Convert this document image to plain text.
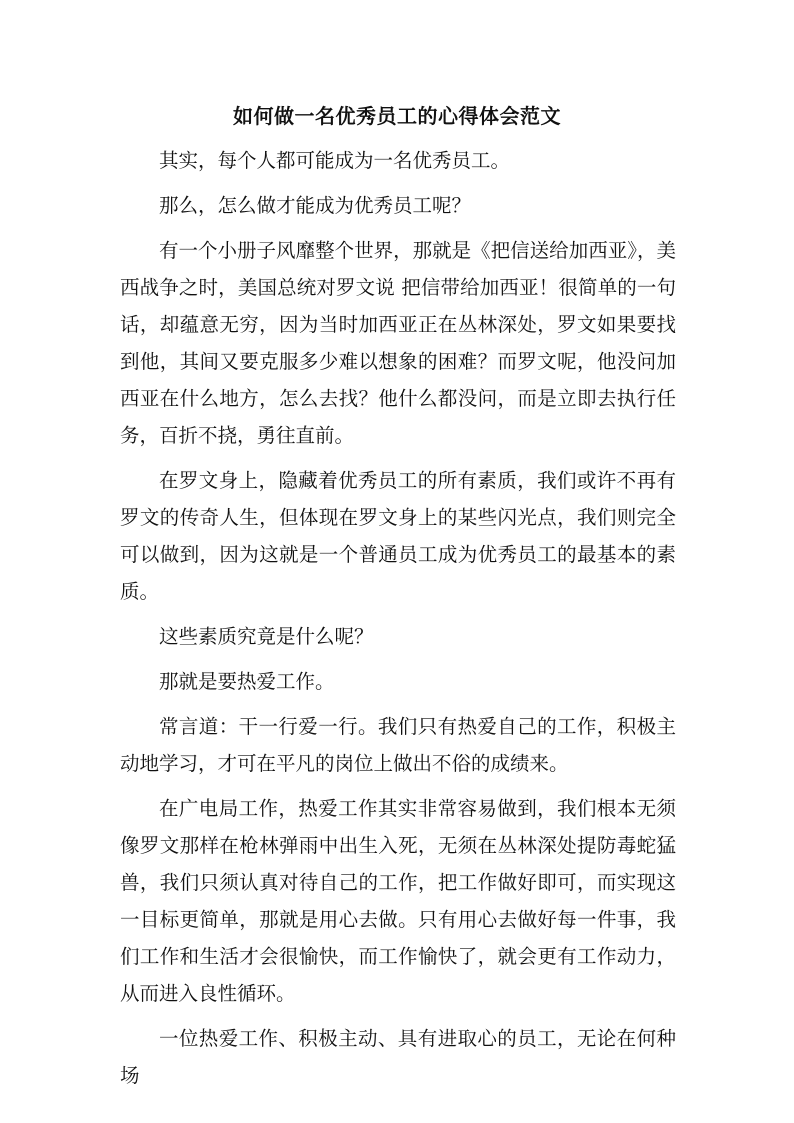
如何做一名优秀员工的心得体会范文

其实，每个人都可能成为一名优秀员工。

那么，怎么做才能成为优秀员工呢？

有一个小册子风靡整个世界，那就是《把信送给加西亚》，美西战争之时，美国总统对罗文说 把信带给加西亚！很简单的一句话，却蕴意无穷，因为当时加西亚正在丛林深处，罗文如果要找到他，其间又要克服多少难以想象的困难？而罗文呢，他没问加西亚在什么地方，怎么去找？他什么都没问，而是立即去执行任务，百折不挠，勇往直前。

在罗文身上，隐藏着优秀员工的所有素质，我们或许不再有罗文的传奇人生，但体现在罗文身上的某些闪光点，我们则完全可以做到，因为这就是一个普通员工成为优秀员工的最基本的素质。

这些素质究竟是什么呢？

那就是要热爱工作。

常言道：干一行爱一行。我们只有热爱自己的工作，积极主动地学习，才可在平凡的岗位上做出不俗的成绩来。

在广电局工作，热爱工作其实非常容易做到，我们根本无须像罗文那样在枪林弹雨中出生入死，无须在丛林深处提防毒蛇猛兽，我们只须认真对待自己的工作，把工作做好即可，而实现这一目标更简单，那就是用心去做。只有用心去做好每一件事，我们工作和生活才会很愉快，而工作愉快了，就会更有工作动力，从而进入良性循环。

一位热爱工作、积极主动、具有进取心的员工，无论在何种场
